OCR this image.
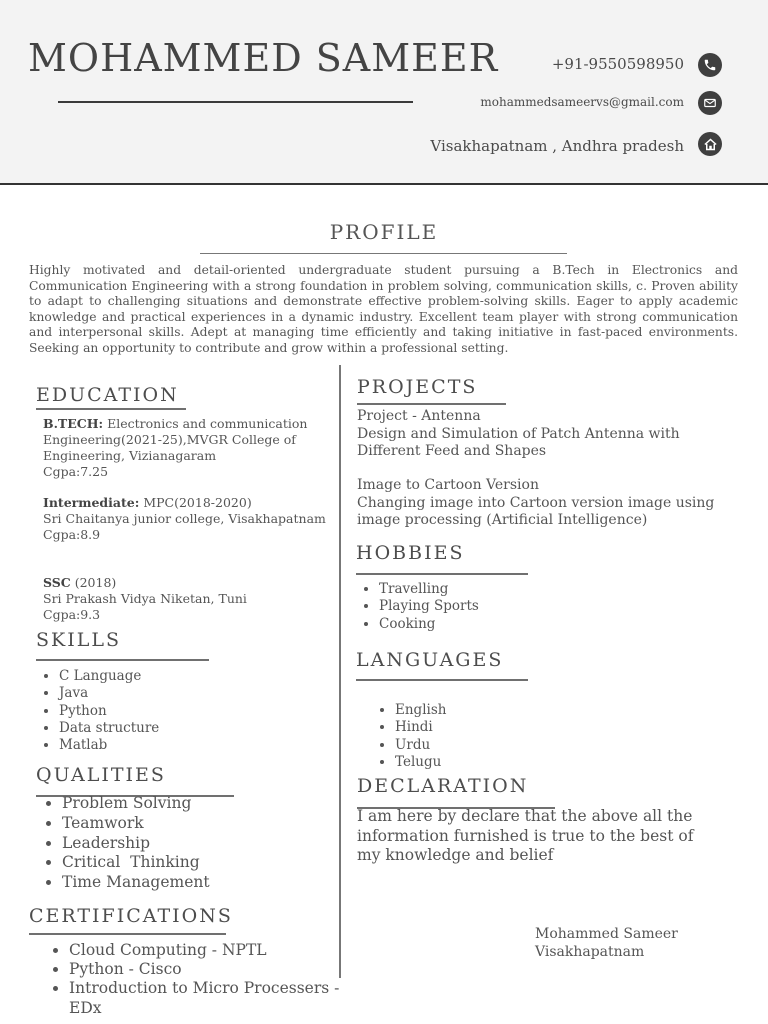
MOHAMMED SAMEER	+91-9550598950
mohammedsameervs@gmail.com
Visakhapatnam , Andhra pradesh
PROFILE
Highly motivated and detail-oriented undergraduate student pursuing a B.Tech in Electronics and Communication Engineering with a strong foundation in problem solving, communication skills, c. Proven ability to adapt to challenging situations and demonstrate effective problem-solving skills. Eager to apply academic knowledge and practical experiences in a dynamic industry. Excellent team player with strong communication and interpersonal skills. Adept at managing time efficiently and taking initiative in fast-paced environments. Seeking an opportunity to contribute and grow within a professional setting.
EDUCATION
B.TECH: Electronics and communication Engineering(2021-25),MVGR College of Engineering, Vizianagaram
Cgpa:7.25
Intermediate: MPC(2018-2020)
Sri Chaitanya junior college, Visakhapatnam
Cgpa:8.9
SSC (2018)
Sri Prakash Vidya Niketan, Tuni
Cgpa:9.3
SKILLS
• C Language
• Java
• Python
• Data structure
• Matlab
QUALITIES
• Problem Solving
• Teamwork
• Leadership
• Critical  Thinking
• Time Management
CERTIFICATIONS
• Cloud Computing - NPTL
• Python - Cisco
• Introduction to Micro Processers - EDx
PROJECTS
Project - Antenna
Design and Simulation of Patch Antenna with Different Feed and Shapes
Image to Cartoon Version
Changing image into Cartoon version image using image processing (Artificial Intelligence)
HOBBIES
• Travelling
• Playing Sports
• Cooking
LANGUAGES
• English
• Hindi
• Urdu
• Telugu
DECLARATION
I am here by declare that the above all the information furnished is true to the best of my knowledge and belief
Mohammed Sameer
Visakhapatnam
